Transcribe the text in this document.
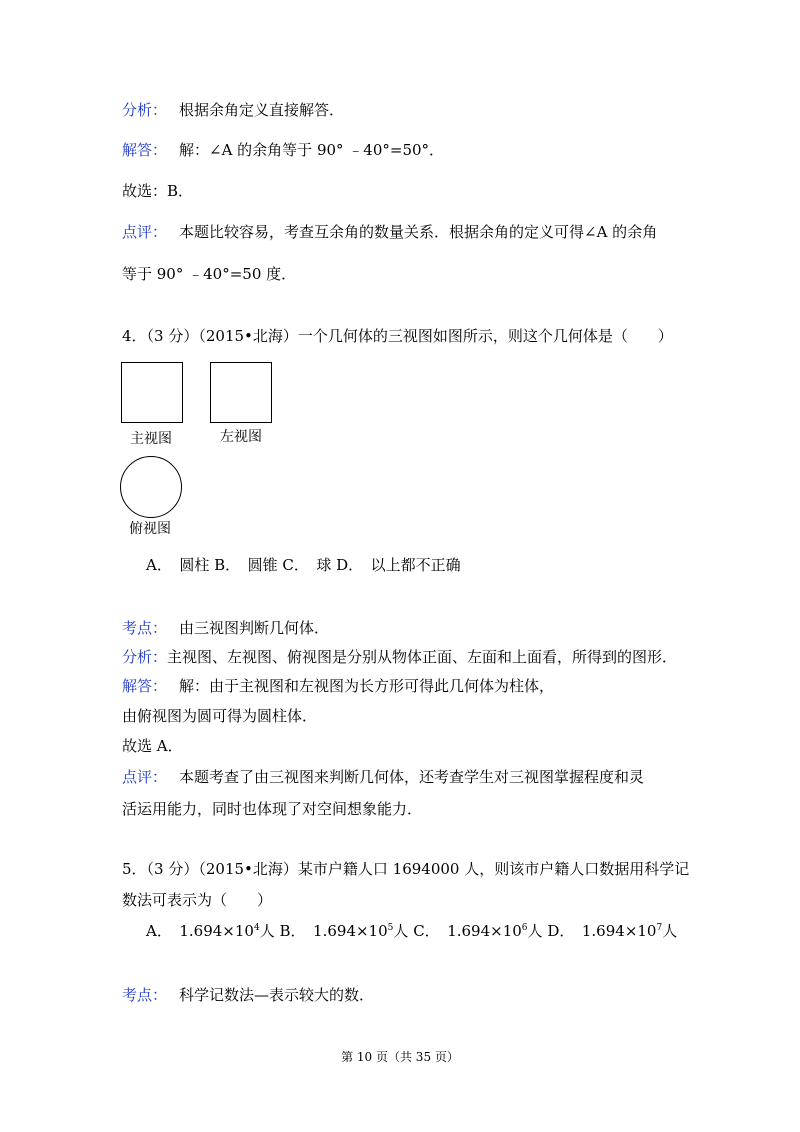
分析： 根据余角定义直接解答．
解答： 解：∠A 的余角等于 90° ﹣40°=50°．
故选：B．
点评： 本题比较容易，考查互余角的数量关系．根据余角的定义可得∠A 的余角
等于 90° ﹣40°=50 度．
4．（3 分）（2015•北海）一个几何体的三视图如图所示，则这个几何体是（　　）
主视图	左视图
俯视图
A．　圆柱 B．　圆锥 C．　球 D．　以上都不正确
考点： 由三视图判断几何体．
分析：主视图、左视图、俯视图是分别从物体正面、左面和上面看，所得到的图形．
解答： 解：由于主视图和左视图为长方形可得此几何体为柱体，
由俯视图为圆可得为圆柱体．
故选 A．
点评： 本题考查了由三视图来判断几何体，还考查学生对三视图掌握程度和灵
活运用能力，同时也体现了对空间想象能力．
5．（3 分）（2015•北海）某市户籍人口 1694000 人，则该市户籍人口数据用科学记
数法可表示为（　　）
A．　 $1.694\times 10^4$人 B．　 $1.694\times 10^5$人 C．　 $1.694\times 10^6$人 D．　 $1.694\times 10^7$人
考点： 科学记数法—表示较大的数．
第 10 页（共 35 页）
